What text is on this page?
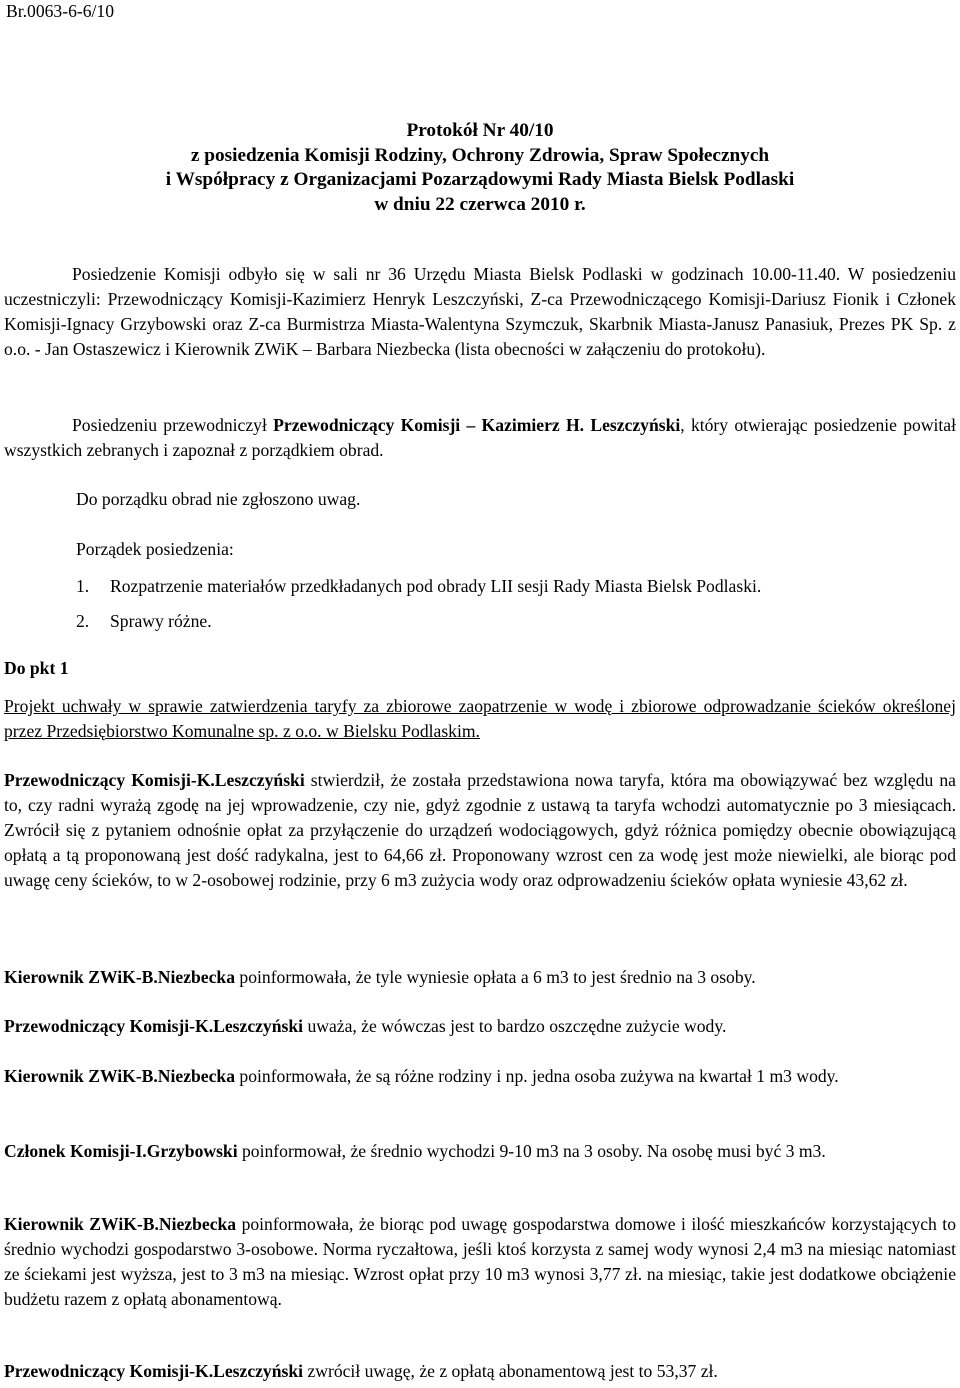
Br.0063-6-6/10
Protokół Nr 40/10
z posiedzenia Komisji Rodziny, Ochrony Zdrowia, Spraw Społecznych
i Współpracy z Organizacjami Pozarządowymi Rady Miasta Bielsk Podlaski
w dniu 22 czerwca 2010 r.

Posiedzenie Komisji odbyło się w sali nr 36 Urzędu Miasta Bielsk Podlaski w godzinach 10.00-11.40. W posiedzeniu uczestniczyli: Przewodniczący Komisji-Kazimierz Henryk Leszczyński, Z-ca Przewodniczącego Komisji-Dariusz Fionik i Członek Komisji-Ignacy Grzybowski oraz Z-ca Burmistrza Miasta-Walentyna Szymczuk, Skarbnik Miasta-Janusz Panasiuk, Prezes PK Sp. z o.o. - Jan Ostaszewicz i Kierownik ZWiK – Barbara Niezbecka (lista obecności w załączeniu do protokołu).

Posiedzeniu przewodniczył Przewodniczący Komisji – Kazimierz H. Leszczyński, który otwierając posiedzenie powitał wszystkich zebranych i zapoznał z porządkiem obrad.

Do porządku obrad nie zgłoszono uwag.
Porządek posiedzenia:
1. Rozpatrzenie materiałów przedkładanych pod obrady LII sesji Rady Miasta Bielsk Podlaski.
2. Sprawy różne.
Do pkt 1

Projekt uchwały w sprawie zatwierdzenia taryfy za zbiorowe zaopatrzenie w wodę i zbiorowe odprowadzanie ścieków określonej przez Przedsiębiorstwo Komunalne sp. z o.o. w Bielsku Podlaskim.

Przewodniczący Komisji-K.Leszczyński stwierdził, że została przedstawiona nowa taryfa, która ma obowiązywać bez względu na to, czy radni wyrażą zgodę na jej wprowadzenie, czy nie, gdyż zgodnie z ustawą ta taryfa wchodzi automatycznie po 3 miesiącach. Zwrócił się z pytaniem odnośnie opłat za przyłączenie do urządzeń wodociągowych, gdyż różnica pomiędzy obecnie obowiązującą opłatą a tą proponowaną jest dość radykalna, jest to 64,66 zł. Proponowany wzrost cen za wodę jest może niewielki, ale biorąc pod uwagę ceny ścieków, to w 2-osobowej rodzinie, przy 6 m3 zużycia wody oraz odprowadzeniu ścieków opłata wyniesie 43,62 zł.

Kierownik ZWiK-B.Niezbecka poinformowała, że tyle wyniesie opłata a 6 m3 to jest średnio na 3 osoby.

Przewodniczący Komisji-K.Leszczyński uważa, że wówczas jest to bardzo oszczędne zużycie wody.

Kierownik ZWiK-B.Niezbecka poinformowała, że są różne rodziny i np. jedna osoba zużywa na kwartał 1 m3 wody.

Członek Komisji-I.Grzybowski poinformował, że średnio wychodzi 9-10 m3 na 3 osoby. Na osobę musi być 3 m3.

Kierownik ZWiK-B.Niezbecka poinformowała, że biorąc pod uwagę gospodarstwa domowe i ilość mieszkańców korzystających to średnio wychodzi gospodarstwo 3-osobowe. Norma ryczałtowa, jeśli ktoś korzysta z samej wody wynosi 2,4 m3 na miesiąc natomiast ze ściekami jest wyższa, jest to 3 m3 na miesiąc. Wzrost opłat przy 10 m3 wynosi 3,77 zł. na miesiąc, takie jest dodatkowe obciążenie budżetu razem z opłatą abonamentową.

Przewodniczący Komisji-K.Leszczyński zwrócił uwagę, że z opłatą abonamentową jest to 53,37 zł.
